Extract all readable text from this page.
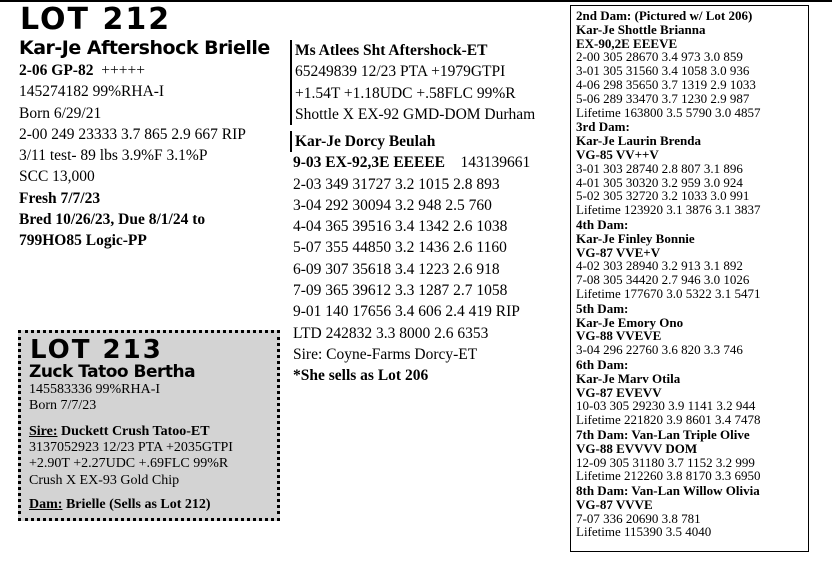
LOT 212
Kar-Je Aftershock Brielle
2-06 GP-82 +++++
145274182 99%RHA-I
Born 6/29/21
2-00 249 23333 3.7 865 2.9 667 RIP
3/11 test- 89 lbs 3.9%F 3.1%P
SCC 13,000
Fresh 7/7/23
Bred 10/26/23, Due 8/1/24 to
799HO85 Logic-PP
Ms Atlees Sht Aftershock-ET
65249839 12/23 PTA +1979GTPI
+1.54T +1.18UDC +.58FLC 99%R
Shottle X EX-92 GMD-DOM Durham
Kar-Je Dorcy Beulah
9-03 EX-92,3E EEEEE 143139661
2-03 349 31727 3.2 1015 2.8 893
3-04 292 30094 3.2 948 2.5 760
4-04 365 39516 3.4 1342 2.6 1038
5-07 355 44850 3.2 1436 2.6 1160
6-09 307 35618 3.4 1223 2.6 918
7-09 365 39612 3.3 1287 2.7 1058
9-01 140 17656 3.4 606 2.4 419 RIP
LTD 242832 3.3 8000 2.6 6353
Sire: Coyne-Farms Dorcy-ET
*She sells as Lot 206
LOT 213
Zuck Tatoo Bertha
145583336 99%RHA-I
Born 7/7/23
Sire: Duckett Crush Tatoo-ET
3137052923 12/23 PTA +2035GTPI
+2.90T +2.27UDC +.69FLC 99%R
Crush X EX-93 Gold Chip
Dam: Brielle (Sells as Lot 212)
2nd Dam: (Pictured w/ Lot 206)
Kar-Je Shottle Brianna
EX-90,2E EEEVE
2-00 305 28670 3.4 973 3.0 859
3-01 305 31560 3.4 1058 3.0 936
4-06 298 35650 3.7 1319 2.9 1033
5-06 289 33470 3.7 1230 2.9 987
Lifetime 163800 3.5 5790 3.0 4857
3rd Dam:
Kar-Je Laurin Brenda
VG-85 VV++V
3-01 303 28740 2.8 807 3.1 896
4-01 305 30320 3.2 959 3.0 924
5-02 305 32720 3.2 1033 3.0 991
Lifetime 123920 3.1 3876 3.1 3837
4th Dam:
Kar-Je Finley Bonnie
VG-87 VVE+V
4-02 303 28940 3.2 913 3.1 892
7-08 305 34420 2.7 946 3.0 1026
Lifetime 177670 3.0 5322 3.1 5471
5th Dam:
Kar-Je Emory Ono
VG-88 VVEVE
3-04 296 22760 3.6 820 3.3 746
6th Dam:
Kar-Je Marv Otila
VG-87 EVEVV
10-03 305 29230 3.9 1141 3.2 944
Lifetime 221820 3.9 8601 3.4 7478
7th Dam: Van-Lan Triple Olive
VG-88 EVVVV DOM
12-09 305 31180 3.7 1152 3.2 999
Lifetime 212260 3.8 8170 3.3 6950
8th Dam: Van-Lan Willow Olivia
VG-87 VVVE
7-07 336 20690 3.8 781
Lifetime 115390 3.5 4040
